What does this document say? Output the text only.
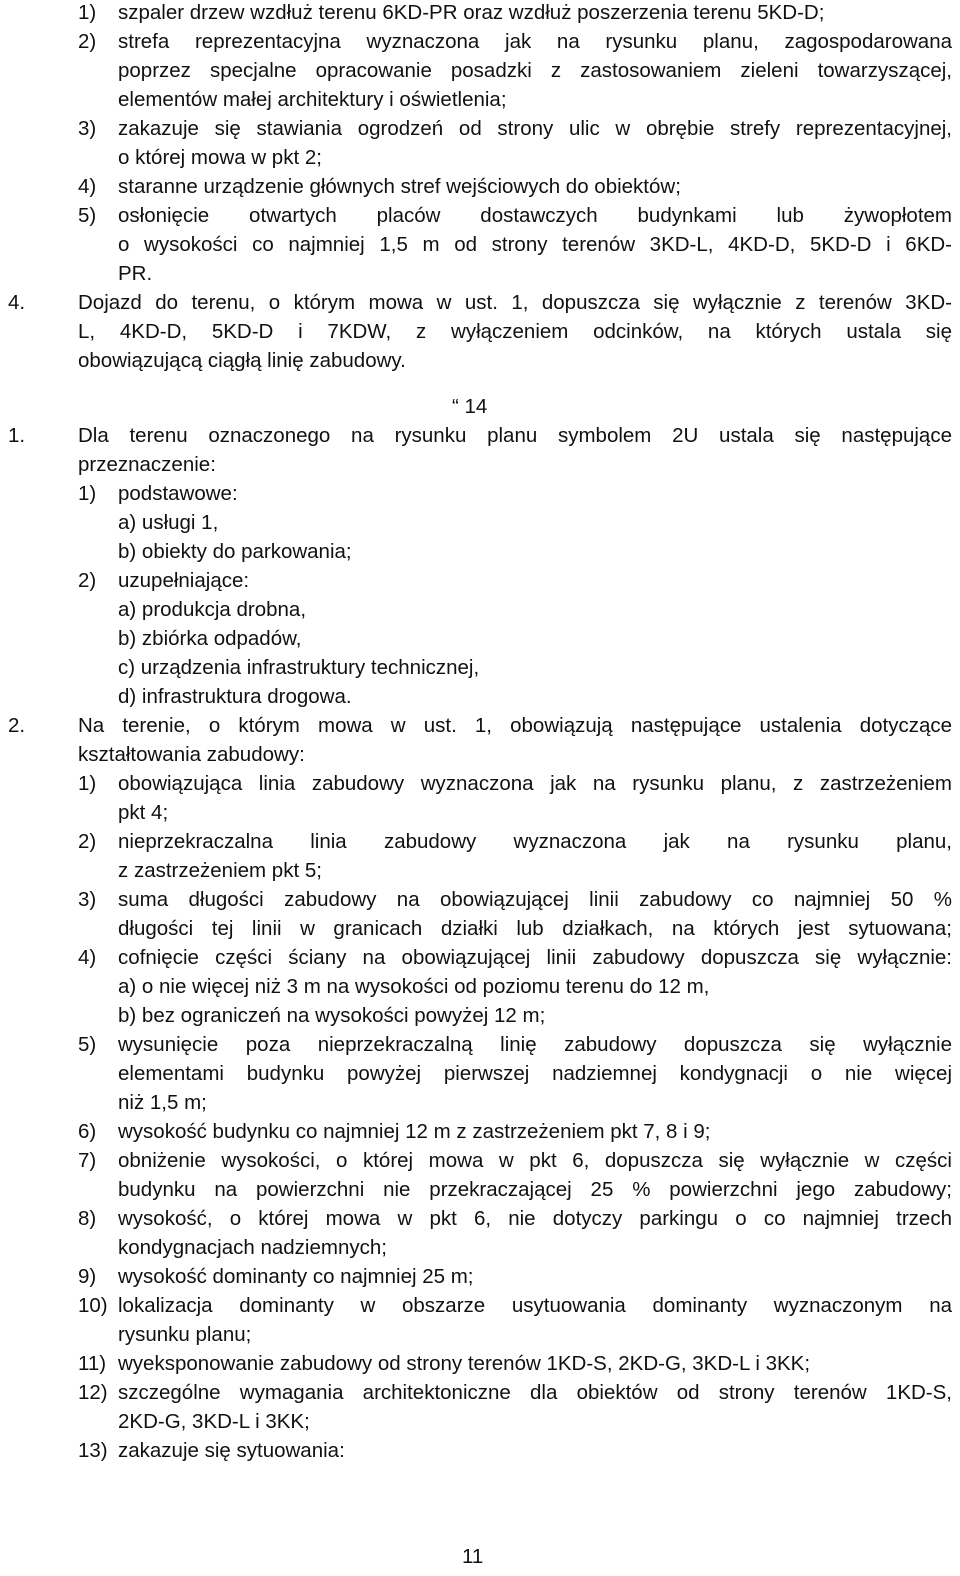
1) szpaler drzew wzdłuż terenu 6KD-PR oraz wzdłuż poszerzenia terenu 5KD-D;
2) strefa reprezentacyjna wyznaczona jak na rysunku planu, zagospodarowana
poprzez specjalne opracowanie posadzki z zastosowaniem zieleni towarzyszącej,
elementów małej architektury i oświetlenia;
3) zakazuje się stawiania ogrodzeń od strony ulic w obrębie strefy reprezentacyjnej,
o której mowa w pkt 2;
4) staranne urządzenie głównych stref wejściowych do obiektów;
5) osłonięcie otwartych placów dostawczych budynkami lub żywopłotem
o wysokości co najmniej 1,5 m od strony terenów 3KD-L, 4KD-D, 5KD-D i 6KD-
PR.
4.	Dojazd do terenu, o którym mowa w ust. 1, dopuszcza się wyłącznie z terenów 3KD-
L, 4KD-D, 5KD-D i 7KDW, z wyłączeniem odcinków, na których ustala się
obowiązującą ciągłą linię zabudowy.
“ 14
1.	Dla terenu oznaczonego na rysunku planu symbolem 2U ustala się następujące
przeznaczenie:
1) podstawowe:
a) usługi 1,
b) obiekty do parkowania;
2) uzupełniające:
a) produkcja drobna,
b) zbiórka odpadów,
c) urządzenia infrastruktury technicznej,
d) infrastruktura drogowa.
2.	Na terenie, o którym mowa w ust. 1, obowiązują następujące ustalenia dotyczące
kształtowania zabudowy:
1) obowiązująca linia zabudowy wyznaczona jak na rysunku planu, z zastrzeżeniem
pkt 4;
2) nieprzekraczalna linia zabudowy wyznaczona jak na rysunku planu,
z zastrzeżeniem pkt 5;
3) suma długości zabudowy na obowiązującej linii zabudowy co najmniej 50 %
długości tej linii w granicach działki lub działkach, na których jest sytuowana;
4) cofnięcie części ściany na obowiązującej linii zabudowy dopuszcza się wyłącznie:
a) o nie więcej niż 3 m na wysokości od poziomu terenu do 12 m,
b) bez ograniczeń na wysokości powyżej 12 m;
5) wysunięcie poza nieprzekraczalną linię zabudowy dopuszcza się wyłącznie
elementami budynku powyżej pierwszej nadziemnej kondygnacji o nie więcej
niż 1,5 m;
6) wysokość budynku co najmniej 12 m z zastrzeżeniem pkt 7, 8 i 9;
7) obniżenie wysokości, o której mowa w pkt 6, dopuszcza się wyłącznie w części
budynku na powierzchni nie przekraczającej 25 % powierzchni jego zabudowy;
8) wysokość, o której mowa w pkt 6, nie dotyczy parkingu o co najmniej trzech
kondygnacjach nadziemnych;
9) wysokość dominanty co najmniej 25 m;
10) lokalizacja dominanty w obszarze usytuowania dominanty wyznaczonym na
rysunku planu;
11) wyeksponowanie zabudowy od strony terenów 1KD-S, 2KD-G, 3KD-L i 3KK;
12) szczególne wymagania architektoniczne dla obiektów od strony terenów 1KD-S,
2KD-G, 3KD-L i 3KK;
13) zakazuje się sytuowania:
11
